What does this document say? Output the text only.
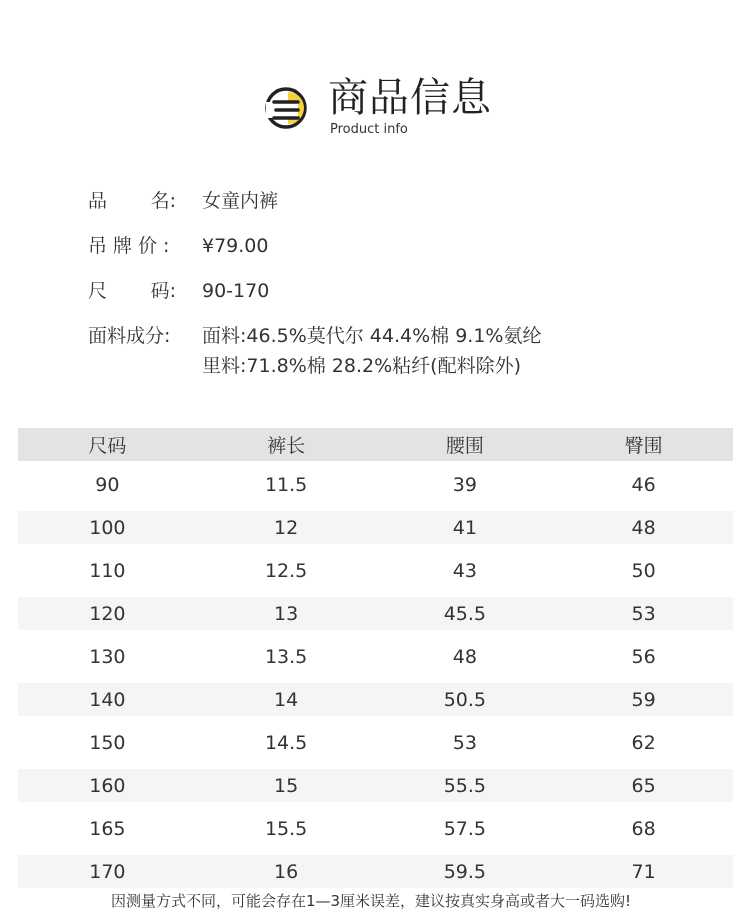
商品信息
Product info
品 名: 女童内裤
吊牌价:	¥79.00
尺 码: 90-170
面料成分:	面料:46.5%莫代尔 44.4%棉 9.1%氨纶
里料:71.8%棉 28.2%粘纤(配料除外)
尺码	裤长	腰围	臀围
90	11.5	39	46
100	12	41	48
110	12.5	43	50
120	13	45.5	53
130	13.5	48	56
140	14	50.5	59
150	14.5	53	62
160	15	55.5	65
165	15.5	57.5	68
170	16	59.5	71
因测量方式不同，可能会存在1—3厘米误差，建议按真实身高或者大一码选购!
